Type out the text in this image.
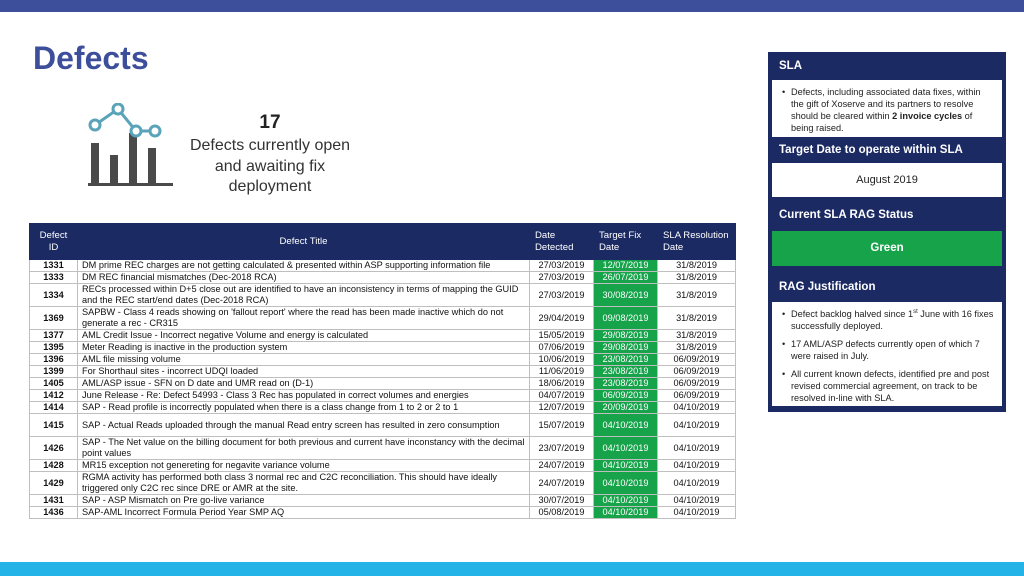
Defects
17
Defects currently open
and awaiting fix
deployment
Defect ID	Defect Title	Date Detected	Target Fix Date	SLA Resolution Date
1331	DM prime REC charges are not getting calculated & presented within ASP supporting information file	27/03/2019	12/07/2019	31/8/2019
1333	DM REC financial mismatches (Dec-2018 RCA)	27/03/2019	26/07/2019	31/8/2019
1334	RECs processed within D+5 close out are identified to have an inconsistency in terms of mapping the GUID and the REC start/end dates (Dec-2018 RCA)	27/03/2019	30/08/2019	31/8/2019
1369	SAPBW - Class 4 reads showing on 'fallout report' where the read has been made inactive which do not generate a rec - CR315	29/04/2019	09/08/2019	31/8/2019
1377	AML Credit Issue - Incorrect negative Volume and energy is calculated	15/05/2019	29/08/2019	31/8/2019
1395	Meter Reading is inactive in the production system	07/06/2019	29/08/2019	31/8/2019
1396	AML file missing volume	10/06/2019	23/08/2019	06/09/2019
1399	For Shorthaul sites - incorrect UDQI loaded	11/06/2019	23/08/2019	06/09/2019
1405	AML/ASP issue - SFN on D date and UMR read on (D-1)	18/06/2019	23/08/2019	06/09/2019
1412	June Release - Re: Defect 54993 - Class 3 Rec has populated in correct volumes and energies	04/07/2019	06/09/2019	06/09/2019
1414	SAP - Read profile is incorrectly populated when there is a class change from 1 to 2 or 2 to 1	12/07/2019	20/09/2019	04/10/2019
1415	SAP - Actual Reads uploaded through the manual Read entry screen has resulted in zero consumption	15/07/2019	04/10/2019	04/10/2019
1426	SAP - The Net value on the billing document for both previous and current have inconstancy with the decimal point values	23/07/2019	04/10/2019	04/10/2019
1428	MR15 exception not genereting for negavite variance volume	24/07/2019	04/10/2019	04/10/2019
1429	RGMA activity has performed both class 3 normal rec and C2C reconciliation. This should have ideally triggered only C2C rec since DRE or AMR at the site.	24/07/2019	04/10/2019	04/10/2019
1431	SAP - ASP Mismatch on Pre go-live variance	30/07/2019	04/10/2019	04/10/2019
1436	SAP-AML Incorrect Formula Period Year SMP AQ	05/08/2019	04/10/2019	04/10/2019
SLA
• Defects, including associated data fixes, within the gift of Xoserve and its partners to resolve should be cleared within 2 invoice cycles of being raised.
Target Date to operate within SLA
August 2019
Current SLA RAG Status
Green
RAG Justification
• Defect backlog halved since 1st June with 16 fixes successfully deployed.
• 17 AML/ASP defects currently open of which 7 were raised in July.
• All current known defects, identified pre and post revised commercial agreement, on track to be resolved in-line with SLA.
